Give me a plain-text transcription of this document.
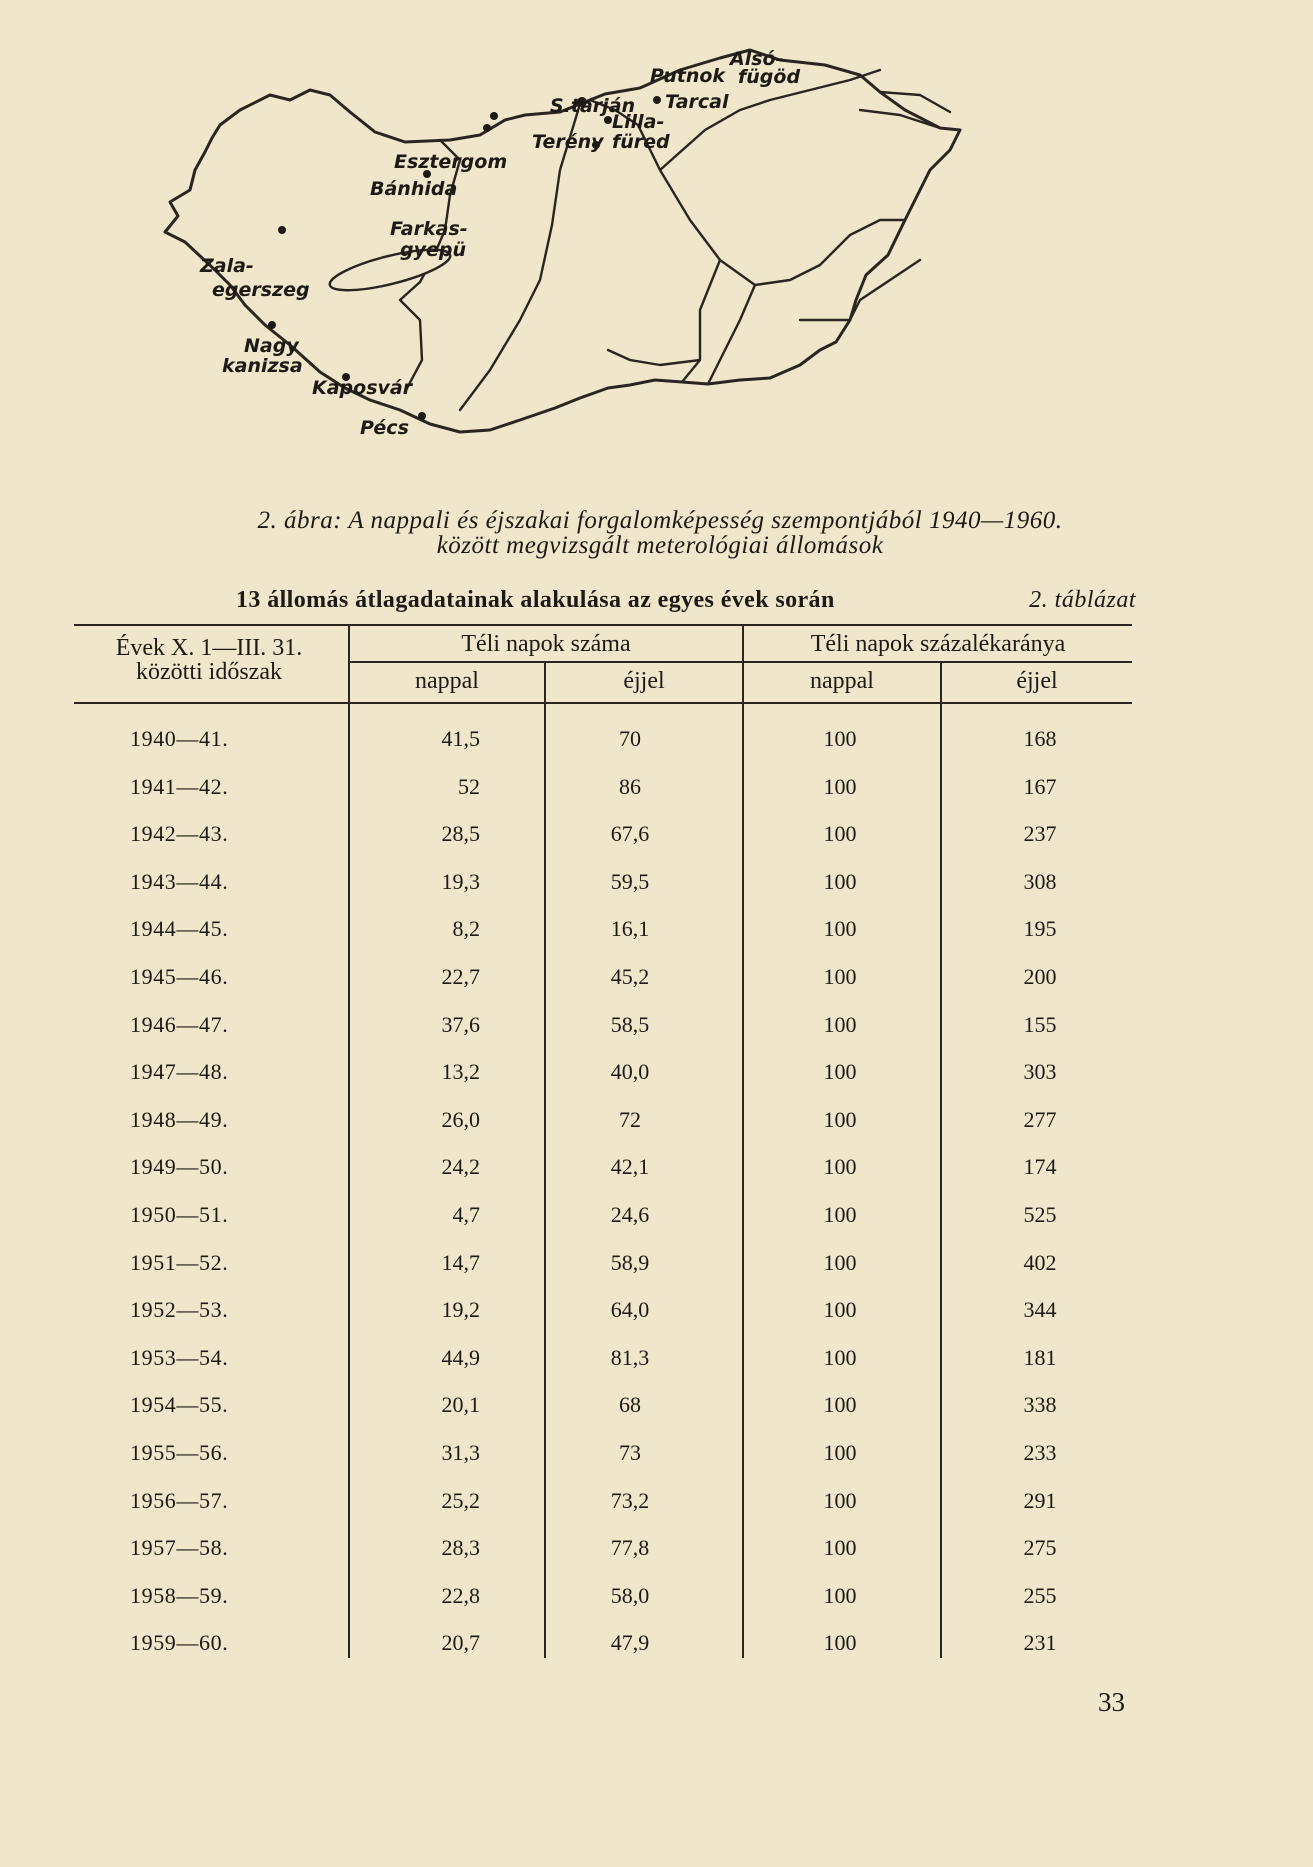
Alsó-
Putnok fügöd
S.tarján Tarcal
Lilla-
füred
Terény
Esztergom
Bánhida
Farkas-
gyepü
Zala-
egerszeg
Nagy
kanizsa
Kaposvár
Pécs
2. ábra: A nappali és éjszakai forgalomképesség szempontjából 1940—1960.
között megvizsgált meterológiai állomások
13 állomás átlagadatainak alakulása az egyes évek során	2. táblázat
Évek X. 1—III. 31.
közötti időszak
Téli napok száma	Téli napok százalékaránya
nappal	éjjel	nappal	éjjel
1940—41.	41,5	70	100	168
1941—42.	52	86	100	167
1942—43.	28,5	67,6	100	237
1943—44.	19,3	59,5	100	308
1944—45.	8,2	16,1	100	195
1945—46.	22,7	45,2	100	200
1946—47.	37,6	58,5	100	155
1947—48.	13,2	40,0	100	303
1948—49.	26,0	72	100	277
1949—50.	24,2	42,1	100	174
1950—51.	4,7	24,6	100	525
1951—52.	14,7	58,9	100	402
1952—53.	19,2	64,0	100	344
1953—54.	44,9	81,3	100	181
1954—55.	20,1	68	100	338
1955—56.	31,3	73	100	233
1956—57.	25,2	73,2	100	291
1957—58.	28,3	77,8	100	275
1958—59.	22,8	58,0	100	255
1959—60.	20,7	47,9	100	231
33
